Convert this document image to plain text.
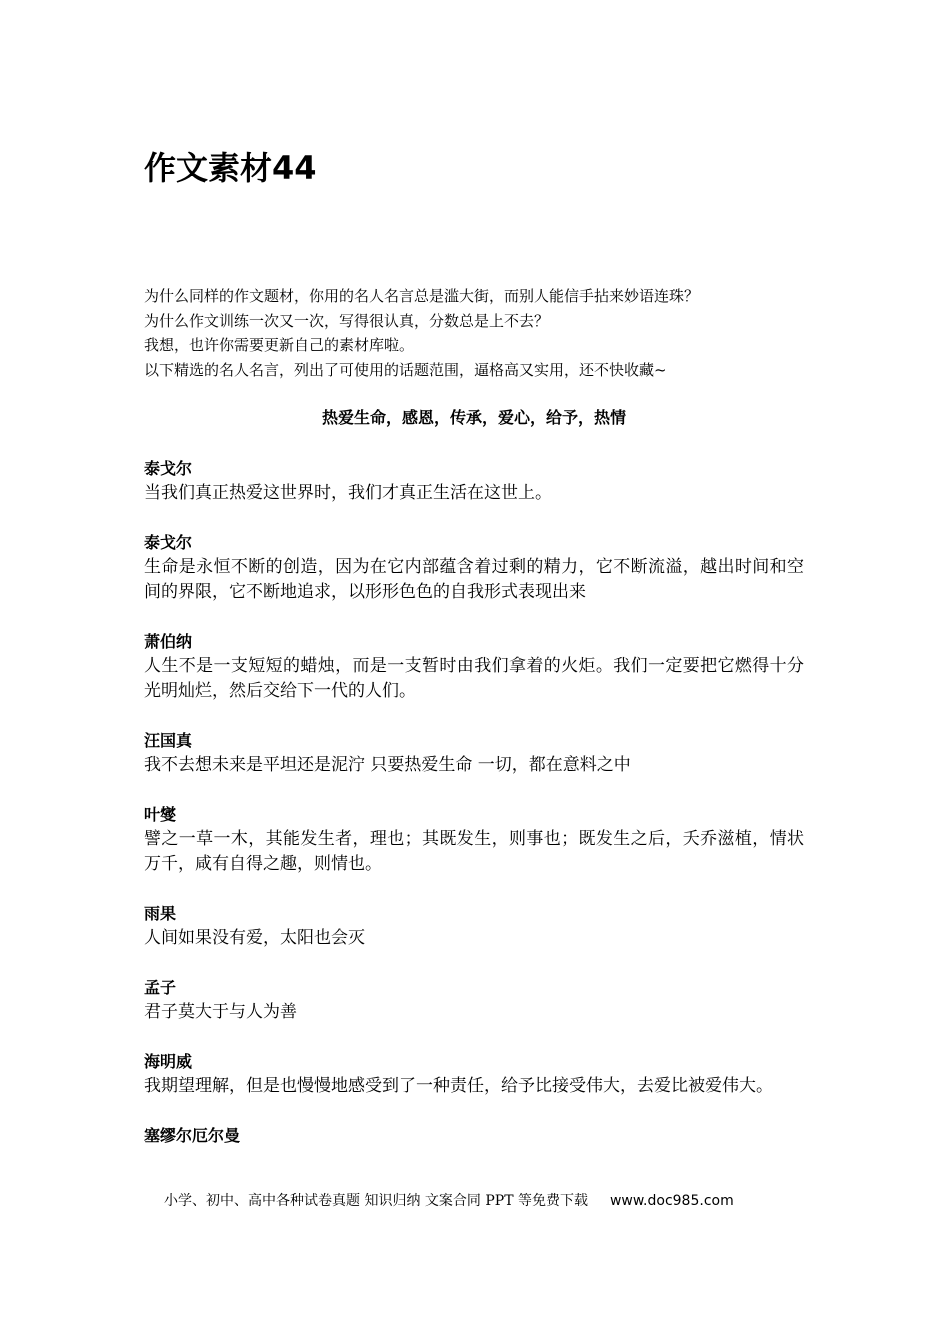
作文素材44

为什么同样的作文题材，你用的名人名言总是滥大街，而别人能信手拈来妙语连珠？

为什么作文训练一次又一次，写得很认真，分数总是上不去？

我想，也许你需要更新自己的素材库啦。

以下精选的名人名言，列出了可使用的话题范围，逼格高又实用，还不快收藏~

热爱生命，感恩，传承，爱心，给予，热情

泰戈尔

当我们真正热爱这世界时，我们才真正生活在这世上。

泰戈尔

生命是永恒不断的创造，因为在它内部蕴含着过剩的精力，它不断流溢，越出时间和空间的界限，它不断地追求，以形形色色的自我形式表现出来

萧伯纳

人生不是一支短短的蜡烛，而是一支暂时由我们拿着的火炬。我们一定要把它燃得十分光明灿烂，然后交给下一代的人们。

汪国真

我不去想未来是平坦还是泥泞 只要热爱生命 一切，都在意料之中

叶燮

譬之一草一木，其能发生者，理也；其既发生，则事也；既发生之后，夭乔滋植，情状万千，咸有自得之趣，则情也。

雨果

人间如果没有爱，太阳也会灭

孟子

君子莫大于与人为善

海明威

我期望理解，但是也慢慢地感受到了一种责任，给予比接受伟大，去爱比被爱伟大。

塞缪尔厄尔曼

小学、初中、高中各种试卷真题 知识归纳 文案合同 PPT 等免费下载 www.doc985.com
